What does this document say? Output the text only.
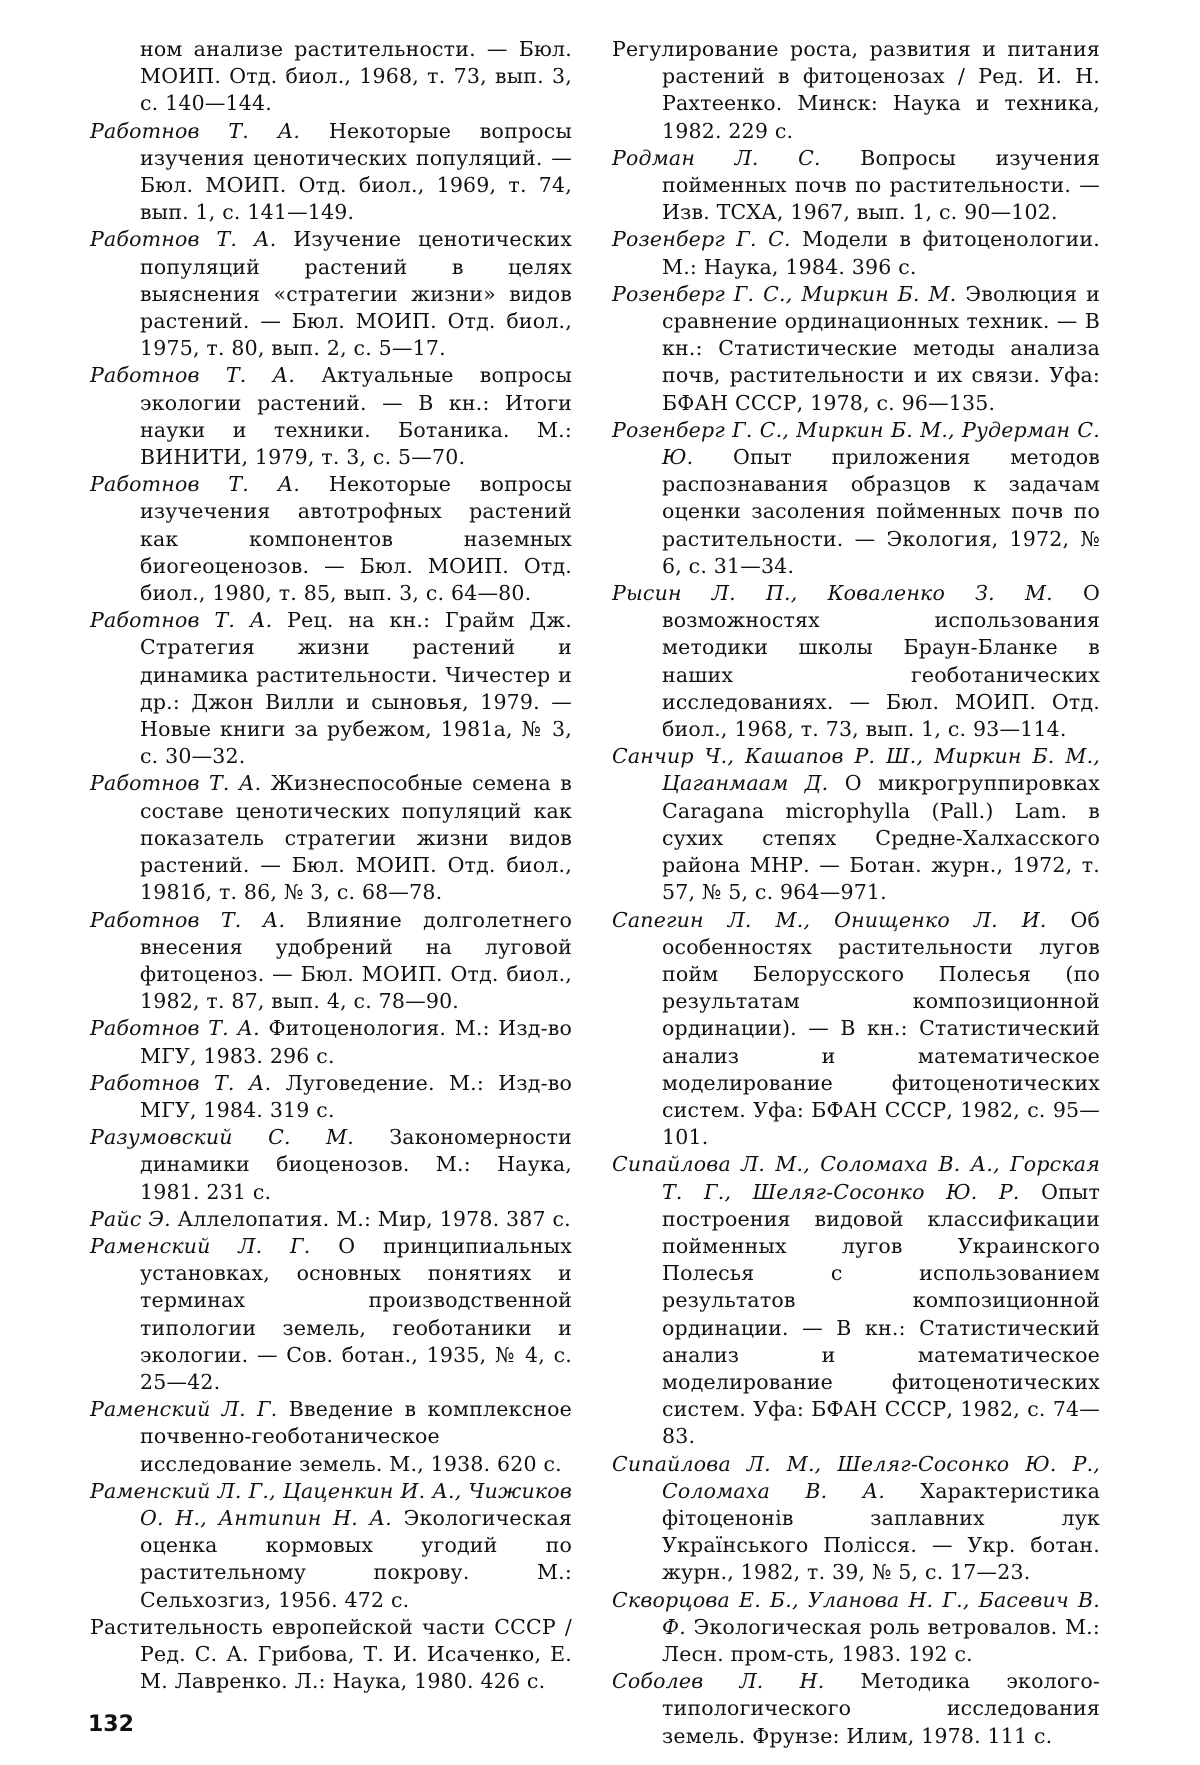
ном анализе растительности. — Бюл. МОИП. Отд. биол., 1968, т. 73, вып. 3, с. 140—144.

Работнов Т. А. Некоторые вопросы изучения ценотических популяций. — Бюл. МОИП. Отд. биол., 1969, т. 74, вып. 1, с. 141—149.

Работнов Т. А. Изучение ценотических популяций растений в целях выяснения «стратегии жизни» видов растений. — Бюл. МОИП. Отд. биол., 1975, т. 80, вып. 2, с. 5—17.

Работнов Т. А. Актуальные вопросы экологии растений. — В кн.: Итоги науки и техники. Ботаника. М.: ВИНИТИ, 1979, т. 3, с. 5—70.

Работнов Т. А. Некоторые вопросы изучечения автотрофных растений как компонентов наземных биогеоценозов. — Бюл. МОИП. Отд. биол., 1980, т. 85, вып. 3, с. 64—80.

Работнов Т. А. Рец. на кн.: Грайм Дж. Стратегия жизни растений и динамика растительности. Чичестер и др.: Джон Вилли и сыновья, 1979. — Новые книги за рубежом, 1981а, № 3, с. 30—32.

Работнов Т. А. Жизнеспособные семена в составе ценотических популяций как показатель стратегии жизни видов растений. — Бюл. МОИП. Отд. биол., 1981б, т. 86, № 3, с. 68—78.

Работнов Т. А. Влияние долголетнего внесения удобрений на луговой фитоценоз. — Бюл. МОИП. Отд. биол., 1982, т. 87, вып. 4, с. 78—90.

Работнов Т. А. Фитоценология. М.: Изд-во МГУ, 1983. 296 с.

Работнов Т. А. Луговедение. М.: Изд-во МГУ, 1984. 319 с.

Разумовский С. М. Закономерности динамики биоценозов. М.: Наука, 1981. 231 с.

Райс Э. Аллелопатия. М.: Мир, 1978. 387 с.

Раменский Л. Г. О принципиальных установках, основных понятиях и терминах производственной типологии земель, геоботаники и экологии. — Сов. ботан., 1935, № 4, с. 25—42.

Раменский Л. Г. Введение в комплексное почвенно-геоботаническое исследование земель. М., 1938. 620 с.

Раменский Л. Г., Цаценкин И. А., Чижиков О. Н., Антипин Н. А. Экологическая оценка кормовых угодий по растительному покрову. М.: Сельхозгиз, 1956. 472 с.

Растительность европейской части СССР / Ред. С. А. Грибова, Т. И. Исаченко, Е. М. Лавренко. Л.: Наука, 1980. 426 с.

Регулирование роста, развития и питания растений в фитоценозах / Ред. И. Н. Рахтеенко. Минск: Наука и техника, 1982. 229 с.

Родман Л. С. Вопросы изучения пойменных почв по растительности. — Изв. ТСХА, 1967, вып. 1, с. 90—102.

Розенберг Г. С. Модели в фитоценологии. М.: Наука, 1984. 396 с.

Розенберг Г. С., Миркин Б. М. Эволюция и сравнение ординационных техник. — В кн.: Статистические методы анализа почв, растительности и их связи. Уфа: БФАН СССР, 1978, с. 96—135.

Розенберг Г. С., Миркин Б. М., Рудерман С. Ю. Опыт приложения методов распознавания образцов к задачам оценки засоления пойменных почв по растительности. — Экология, 1972, № 6, с. 31—34.

Рысин Л. П., Коваленко З. М. О возможностях использования методики школы Браун-Бланке в наших геоботанических исследованиях. — Бюл. МОИП. Отд. биол., 1968, т. 73, вып. 1, с. 93—114.

Санчир Ч., Кашапов Р. Ш., Миркин Б. М., Цаганмаам Д. О микрогруппировках Caragana microphylla (Pall.) Lam. в сухих степях Средне-Халхасского района МНР. — Ботан. журн., 1972, т. 57, № 5, с. 964—971.

Сапегин Л. М., Онищенко Л. И. Об особенностях растительности лугов пойм Белорусского Полесья (по результатам композиционной ординации). — В кн.: Статистический анализ и математическое моделирование фитоценотических систем. Уфа: БФАН СССР, 1982, с. 95—101.

Сипайлова Л. М., Соломаха В. А., Горская Т. Г., Шеляг-Сосонко Ю. Р. Опыт построения видовой классификации пойменных лугов Украинского Полесья с использованием результатов композиционной ординации. — В кн.: Статистический анализ и математическое моделирование фитоценотических систем. Уфа: БФАН СССР, 1982, с. 74—83.

Сипайлова Л. М., Шеляг-Сосонко Ю. Р., Соломаха В. А. Характеристика фітоценонів заплавних лук Українського Полісся. — Укр. ботан. журн., 1982, т. 39, № 5, с. 17—23.

Скворцова Е. Б., Уланова Н. Г., Басевич В. Ф. Экологическая роль ветровалов. М.: Лесн. пром-сть, 1983. 192 с.

Соболев Л. Н. Методика эколого-типологического исследования земель. Фрунзе: Илим, 1978. 111 с.

132
